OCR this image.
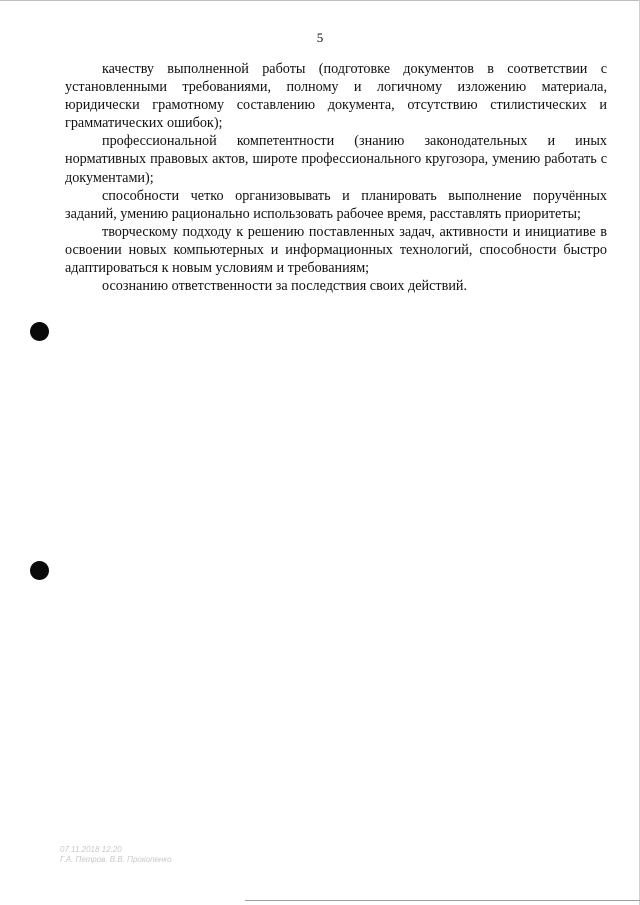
5

качеству выполненной работы (подготовке документов в соответствии с установленными требованиями, полному и логичному изложению материала, юридически грамотному составлению документа, отсутствию стилистических и грамматических ошибок);

профессиональной компетентности (знанию законодательных и иных нормативных правовых актов, широте профессионального кругозора, умению работать с документами);

способности четко организовывать и планировать выполнение поручённых заданий, умению рационально использовать рабочее время, расставлять приоритеты;

творческому подходу к решению поставленных задач, активности и инициативе в освоении новых компьютерных и информационных технологий, способности быстро адаптироваться к новым условиям и требованиям;

осознанию ответственности за последствия своих действий.

07.11.2018 12:20
Г.А. Петров. В.В. Прокопенко
